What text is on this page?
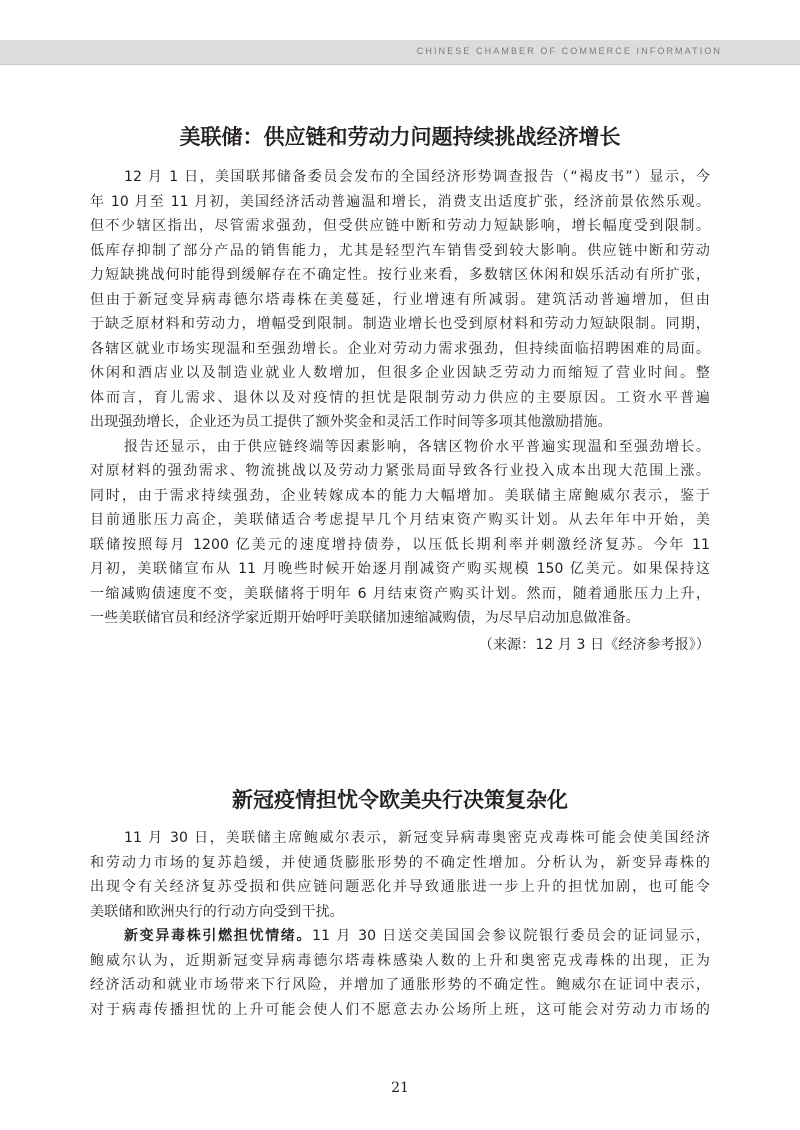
CHINESE CHAMBER OF COMMERCE INFORMATION
美联储：供应链和劳动力问题持续挑战经济增长
12 月 1 日，美国联邦储备委员会发布的全国经济形势调查报告（“褐皮书”）显示，今
年 10 月至 11 月初，美国经济活动普遍温和增长，消费支出适度扩张，经济前景依然乐观。
但不少辖区指出，尽管需求强劲，但受供应链中断和劳动力短缺影响，增长幅度受到限制。
低库存抑制了部分产品的销售能力，尤其是轻型汽车销售受到较大影响。供应链中断和劳动
力短缺挑战何时能得到缓解存在不确定性。按行业来看，多数辖区休闲和娱乐活动有所扩张，
但由于新冠变异病毒德尔塔毒株在美蔓延，行业增速有所减弱。建筑活动普遍增加，但由
于缺乏原材料和劳动力，增幅受到限制。制造业增长也受到原材料和劳动力短缺限制。同期，
各辖区就业市场实现温和至强劲增长。企业对劳动力需求强劲，但持续面临招聘困难的局面。
休闲和酒店业以及制造业就业人数增加，但很多企业因缺乏劳动力而缩短了营业时间。整
体而言，育儿需求、退休以及对疫情的担忧是限制劳动力供应的主要原因。工资水平普遍
出现强劲增长，企业还为员工提供了额外奖金和灵活工作时间等多项其他激励措施。
报告还显示，由于供应链终端等因素影响，各辖区物价水平普遍实现温和至强劲增长。
对原材料的强劲需求、物流挑战以及劳动力紧张局面导致各行业投入成本出现大范围上涨。
同时，由于需求持续强劲，企业转嫁成本的能力大幅增加。美联储主席鲍威尔表示，鉴于
目前通胀压力高企，美联储适合考虑提早几个月结束资产购买计划。从去年年中开始，美
联储按照每月 1200 亿美元的速度增持债券，以压低长期利率并刺激经济复苏。今年 11
月初，美联储宣布从 11 月晚些时候开始逐月削减资产购买规模 150 亿美元。如果保持这
一缩减购债速度不变，美联储将于明年 6 月结束资产购买计划。然而，随着通胀压力上升，
一些美联储官员和经济学家近期开始呼吁美联储加速缩减购债，为尽早启动加息做准备。
（来源：12 月 3 日《经济参考报》）
新冠疫情担忧令欧美央行决策复杂化
11 月 30 日，美联储主席鲍威尔表示，新冠变异病毒奥密克戎毒株可能会使美国经济
和劳动力市场的复苏趋缓，并使通货膨胀形势的不确定性增加。分析认为，新变异毒株的
出现令有关经济复苏受损和供应链问题恶化并导致通胀进一步上升的担忧加剧，也可能令
美联储和欧洲央行的行动方向受到干扰。
新变异毒株引燃担忧情绪。11 月 30 日送交美国国会参议院银行委员会的证词显示，
鲍威尔认为，近期新冠变异病毒德尔塔毒株感染人数的上升和奥密克戎毒株的出现，正为
经济活动和就业市场带来下行风险，并增加了通胀形势的不确定性。鲍威尔在证词中表示，
对于病毒传播担忧的上升可能会使人们不愿意去办公场所上班，这可能会对劳动力市场的
21
